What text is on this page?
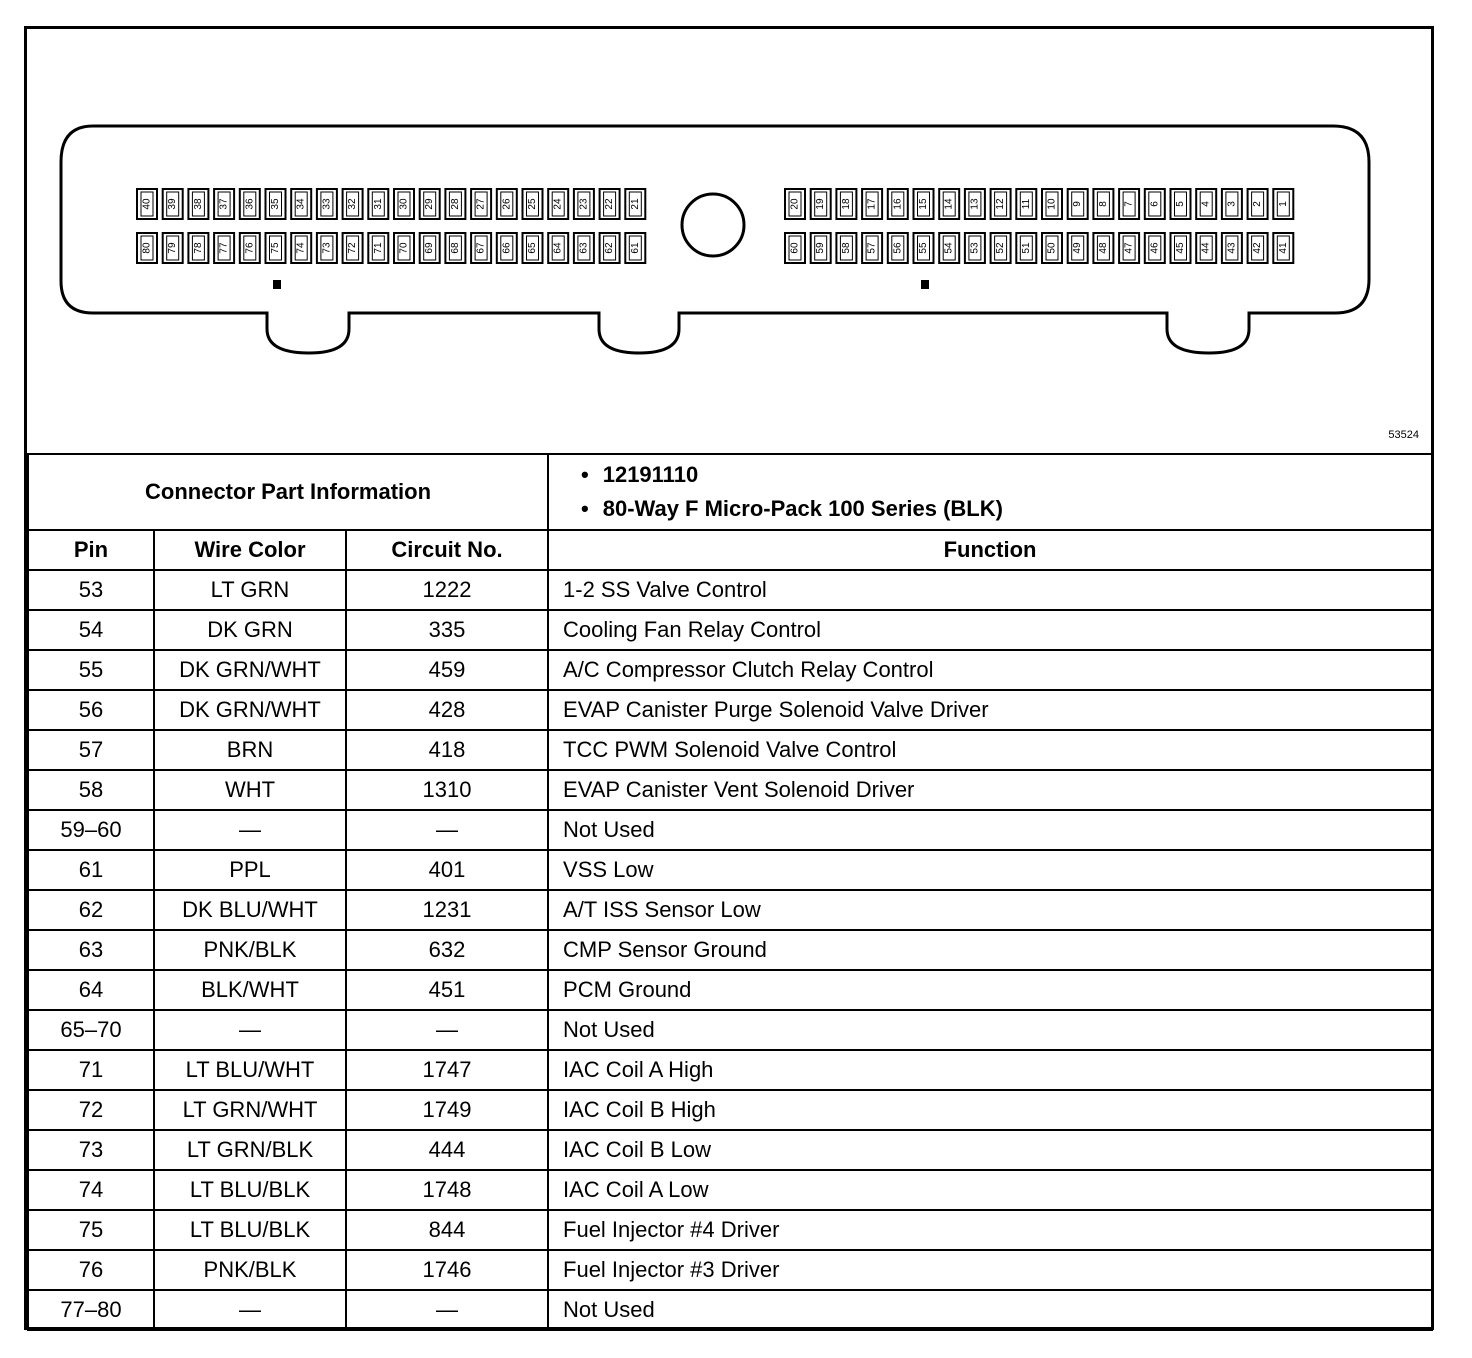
40 39 38 37 36 35 34 33 32 31 30 29 28 27 26 25 24 23 22 21	20 19 18 17 16 15 14 13 12 11 10 9 8 7 6 5 4 3 2 1
80 79 78 77 76 75 74 73 72 71 70 69 68 67 66 65 64 63 62 61	60 59 58 57 56 55 54 53 52 51 50 49 48 47 46 45 44 43 42 41
53524
Connector Part Information			• 12191110
• 80-Way F Micro-Pack 100 Series (BLK)

Pin	Wire Color	Circuit No.	Function
53	LT GRN	1222	1-2 SS Valve Control
54	DK GRN	335	Cooling Fan Relay Control
55	DK GRN/WHT	459	A/C Compressor Clutch Relay Control
56	DK GRN/WHT	428	EVAP Canister Purge Solenoid Valve Driver
57	BRN	418	TCC PWM Solenoid Valve Control
58	WHT	1310	EVAP Canister Vent Solenoid Driver
59–60	—	—	Not Used
61	PPL	401	VSS Low
62	DK BLU/WHT	1231	A/T ISS Sensor Low
63	PNK/BLK	632	CMP Sensor Ground
64	BLK/WHT	451	PCM Ground
65–70	—	—	Not Used
71	LT BLU/WHT	1747	IAC Coil A High
72	LT GRN/WHT	1749	IAC Coil B High
73	LT GRN/BLK	444	IAC Coil B Low
74	LT BLU/BLK	1748	IAC Coil A Low
75	LT BLU/BLK	844	Fuel Injector #4 Driver
76	PNK/BLK	1746	Fuel Injector #3 Driver
77–80	—	—	Not Used
